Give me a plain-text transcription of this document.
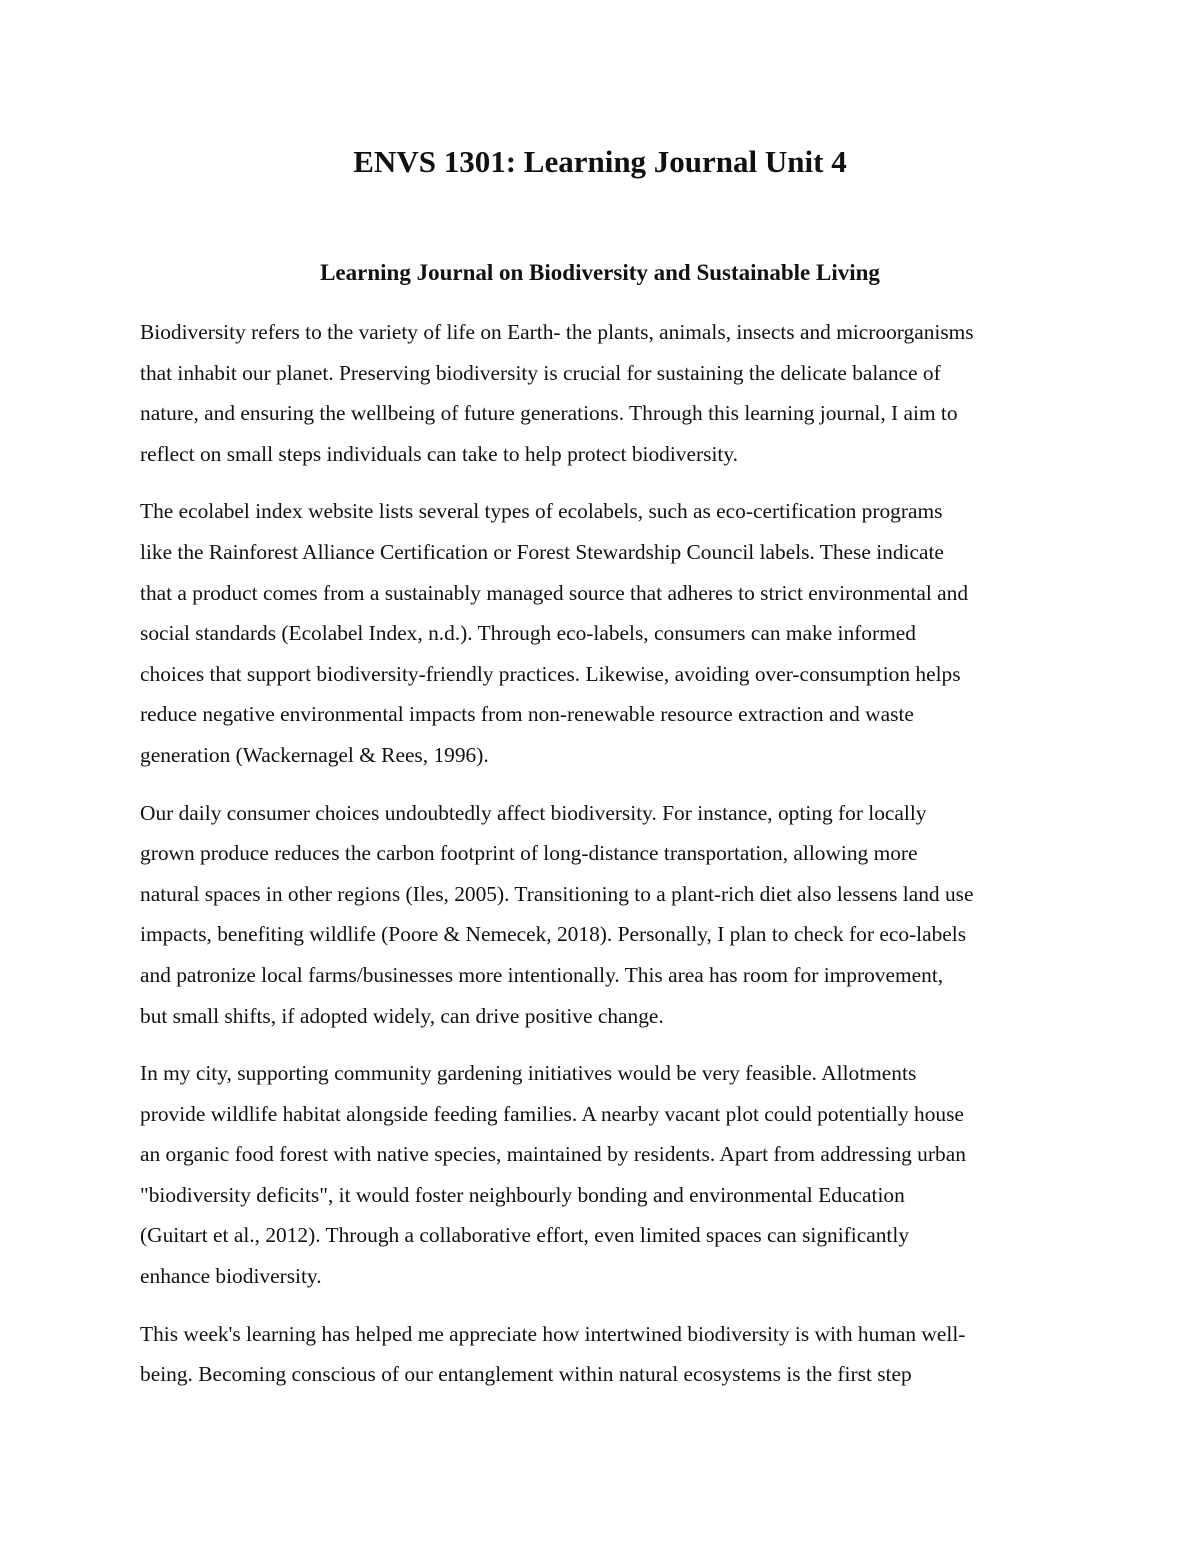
ENVS 1301: Learning Journal Unit 4
Learning Journal on Biodiversity and Sustainable Living

Biodiversity refers to the variety of life on Earth- the plants, animals, insects and microorganisms
that inhabit our planet. Preserving biodiversity is crucial for sustaining the delicate balance of
nature, and ensuring the wellbeing of future generations. Through this learning journal, I aim to
reflect on small steps individuals can take to help protect biodiversity.

The ecolabel index website lists several types of ecolabels, such as eco-certification programs
like the Rainforest Alliance Certification or Forest Stewardship Council labels. These indicate
that a product comes from a sustainably managed source that adheres to strict environmental and
social standards (Ecolabel Index, n.d.). Through eco-labels, consumers can make informed
choices that support biodiversity-friendly practices. Likewise, avoiding over-consumption helps
reduce negative environmental impacts from non-renewable resource extraction and waste
generation (Wackernagel & Rees, 1996).

Our daily consumer choices undoubtedly affect biodiversity. For instance, opting for locally
grown produce reduces the carbon footprint of long-distance transportation, allowing more
natural spaces in other regions (Iles, 2005). Transitioning to a plant-rich diet also lessens land use
impacts, benefiting wildlife (Poore & Nemecek, 2018). Personally, I plan to check for eco-labels
and patronize local farms/businesses more intentionally. This area has room for improvement,
but small shifts, if adopted widely, can drive positive change.

In my city, supporting community gardening initiatives would be very feasible. Allotments
provide wildlife habitat alongside feeding families. A nearby vacant plot could potentially house
an organic food forest with native species, maintained by residents. Apart from addressing urban
"biodiversity deficits", it would foster neighbourly bonding and environmental Education
(Guitart et al., 2012). Through a collaborative effort, even limited spaces can significantly
enhance biodiversity.

This week's learning has helped me appreciate how intertwined biodiversity is with human well-
being. Becoming conscious of our entanglement within natural ecosystems is the first step
